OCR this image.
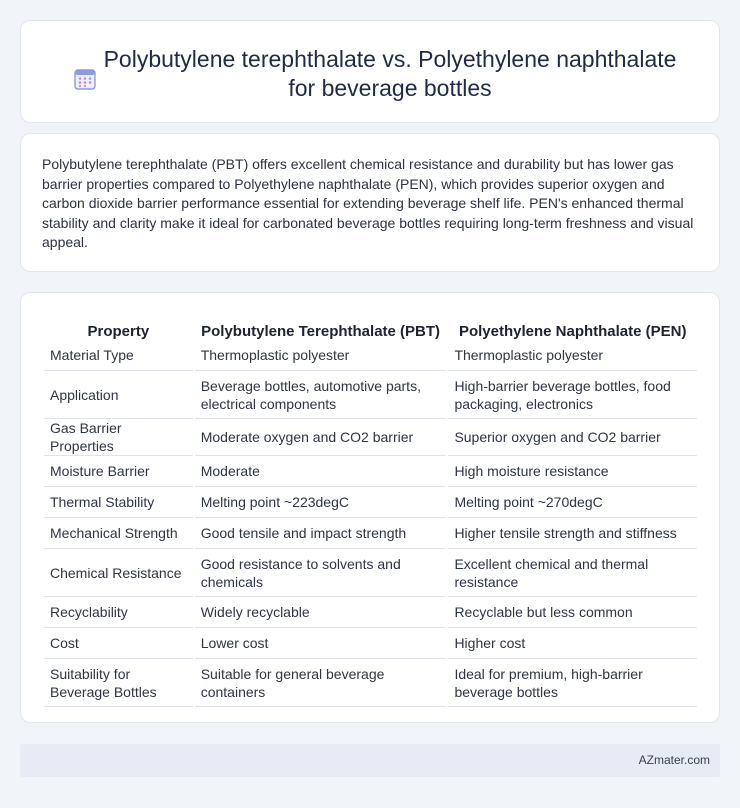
Polybutylene terephthalate vs. Polyethylene naphthalate for beverage bottles

Polybutylene terephthalate (PBT) offers excellent chemical resistance and durability but has lower gas barrier properties compared to Polyethylene naphthalate (PEN), which provides superior oxygen and carbon dioxide barrier performance essential for extending beverage shelf life. PEN's enhanced thermal stability and clarity make it ideal for carbonated beverage bottles requiring long-term freshness and visual appeal.

Property	Polybutylene Terephthalate (PBT)	Polyethylene Naphthalate (PEN)
Material Type	Thermoplastic polyester	Thermoplastic polyester
Application	Beverage bottles, automotive parts, electrical components	High-barrier beverage bottles, food packaging, electronics
Gas Barrier Properties	Moderate oxygen and CO2 barrier	Superior oxygen and CO2 barrier
Moisture Barrier	Moderate	High moisture resistance
Thermal Stability	Melting point ~223degC	Melting point ~270degC
Mechanical Strength	Good tensile and impact strength	Higher tensile strength and stiffness
Chemical Resistance	Good resistance to solvents and chemicals	Excellent chemical and thermal resistance
Recyclability	Widely recyclable	Recyclable but less common
Cost	Lower cost	Higher cost
Suitability for Beverage Bottles	Suitable for general beverage containers	Ideal for premium, high-barrier beverage bottles
AZmater.com
